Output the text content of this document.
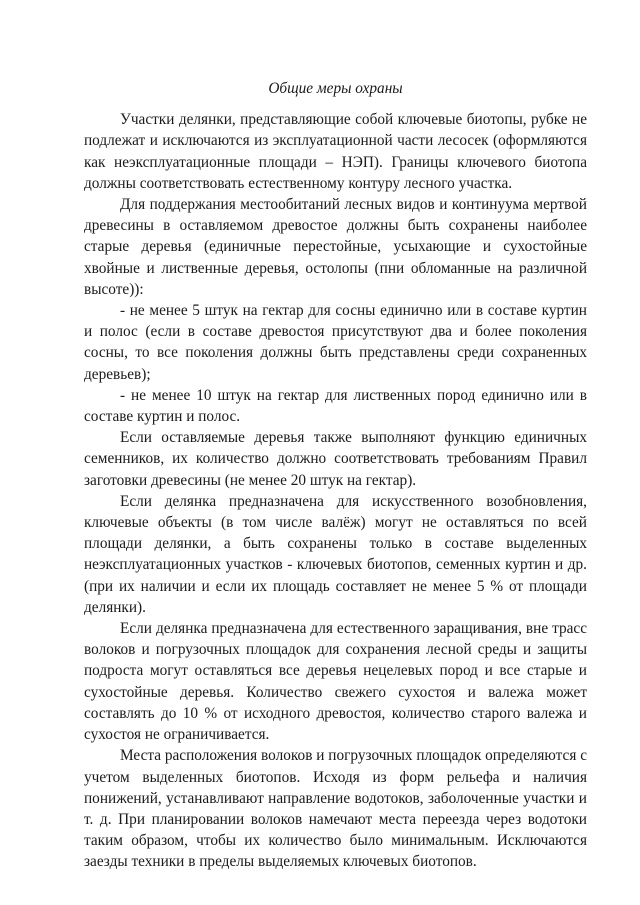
Общие меры охраны

Участки делянки, представляющие собой ключевые биотопы, рубке не подлежат и исключаются из эксплуатационной части лесосек (оформляются как неэксплуатационные площади – НЭП). Границы ключевого биотопа должны соответствовать естественному контуру лесного участка.

Для поддержания местообитаний лесных видов и континуума мертвой древесины в оставляемом древостое должны быть сохранены наиболее старые деревья (единичные перестойные, усыхающие и сухостойные хвойные и лиственные деревья, остолопы (пни обломанные на различной высоте)):

- не менее 5 штук на гектар для сосны единично или в составе куртин и полос (если в составе древостоя присутствуют два и более поколения сосны, то все поколения должны быть представлены среди сохраненных деревьев);

- не менее 10 штук на гектар для лиственных пород единично или в составе куртин и полос.

Если оставляемые деревья также выполняют функцию единичных семенников, их количество должно соответствовать требованиям Правил заготовки древесины (не менее 20 штук на гектар).

Если делянка предназначена для искусственного возобновления, ключевые объекты (в том числе валёж) могут не оставляться по всей площади делянки, а быть сохранены только в составе выделенных неэксплуатационных участков - ключевых биотопов, семенных куртин и др. (при их наличии и если их площадь составляет не менее 5 % от площади делянки).

Если делянка предназначена для естественного заращивания, вне трасс волоков и погрузочных площадок для сохранения лесной среды и защиты подроста могут оставляться все деревья нецелевых пород и все старые и сухостойные деревья. Количество свежего сухостоя и валежа может составлять до 10 % от исходного древостоя, количество старого валежа и сухостоя не ограничивается.

Места расположения волоков и погрузочных площадок определяются с учетом выделенных биотопов. Исходя из форм рельефа и наличия понижений, устанавливают направление водотоков, заболоченные участки и т. д. При планировании волоков намечают места переезда через водотоки таким образом, чтобы их количество было минимальным. Исключаются заезды техники в пределы выделяемых ключевых биотопов.
